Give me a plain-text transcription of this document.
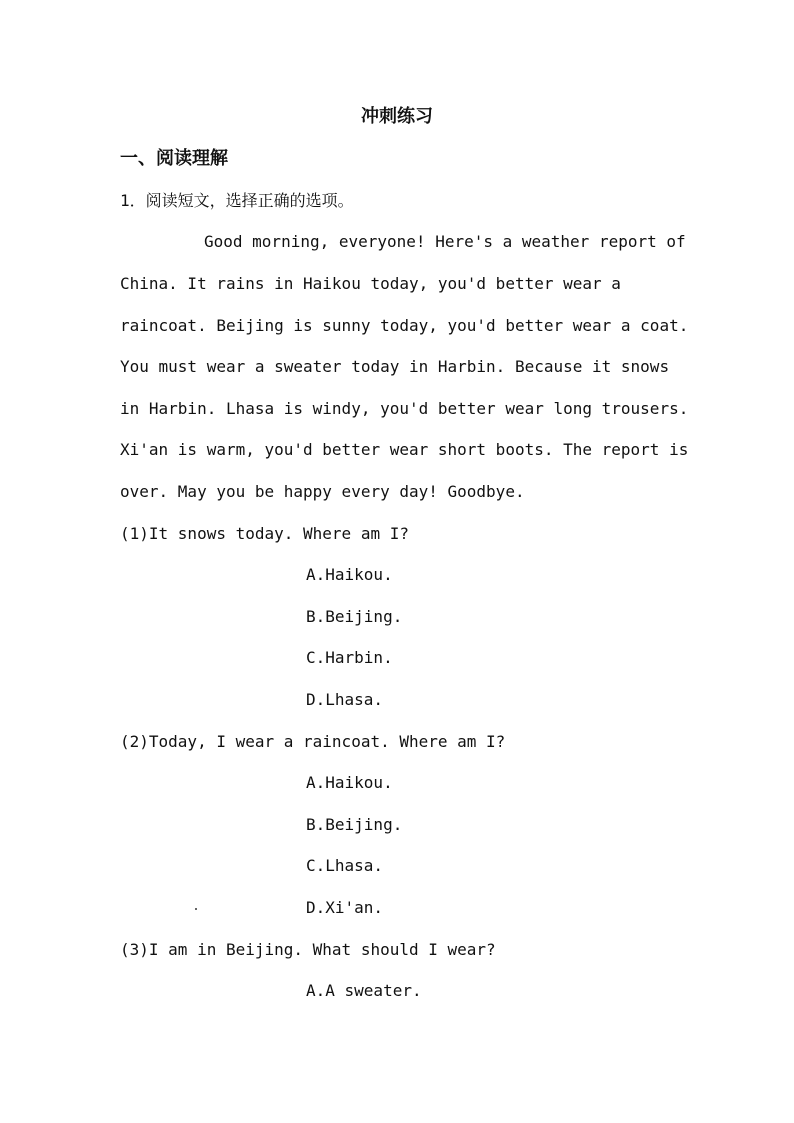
冲刺练习
一、阅读理解
1．阅读短文，选择正确的选项。
Good morning, everyone! Here's a weather report of
China. It rains in Haikou today, you'd better wear a
raincoat. Beijing is sunny today, you'd better wear a coat.
You must wear a sweater today in Harbin. Because it snows
in Harbin. Lhasa is windy, you'd better wear long trousers.
Xi'an is warm, you'd better wear short boots. The report is
over. May you be happy every day! Goodbye.
(1)It snows today. Where am I?
A.Haikou.
B.Beijing.
C.Harbin.
D.Lhasa.
(2)Today, I wear a raincoat. Where am I?
A.Haikou.
B.Beijing.
C.Lhasa.
D.Xi'an.
(3)I am in Beijing. What should I wear?
A.A sweater.
